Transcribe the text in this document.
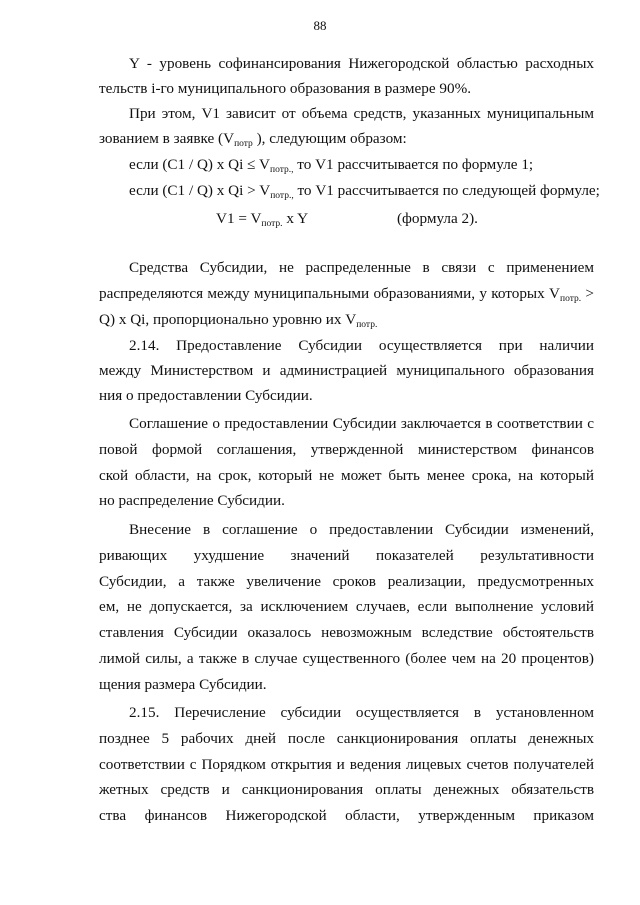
88
Y - уровень софинансирования Нижегородской областью расходных
тельств i-го муниципального образования в размере 90%.
При этом, V1 зависит от объема средств, указанных муниципальным
зованием в заявке ($V_{потр}$ ), следующим образом:
если (C1 / Q) x $Qi \le V_{потр.,}$ то V1 рассчитывается по формуле 1;
если (C1 / Q) x $Qi > V_{потр.,}$ то V1 рассчитывается по следующей формуле;
$V1 = V_{потр.}$ x Y	(формула 2).
Средства Субсидии, не распределенные в связи с применением
распределяются между муниципальными образованиями, у которых $V_{потр.}$ >
Q) x Qi, пропорционально уровню их $V_{потр.}$
2.14. Предоставление Субсидии осуществляется при наличии
между Министерством и администрацией муниципального образования
ния о предоставлении Субсидии.
Соглашение о предоставлении Субсидии заключается в соответствии с
повой формой соглашения, утвержденной министерством финансов
ской области, на срок, который не может быть менее срока, на который
но распределение Субсидии.
Внесение в соглашение о предоставлении Субсидии изменений,
ривающих ухудшение значений показателей результативности
Субсидии, а также увеличение сроков реализации, предусмотренных
ем, не допускается, за исключением случаев, если выполнение условий
ставления Субсидии оказалось невозможным вследствие обстоятельств
лимой силы, а также в случае существенного (более чем на 20 процентов)
щения размера Субсидии.
2.15. Перечисление субсидии осуществляется в установленном
позднее 5 рабочих дней после санкционирования оплаты денежных
соответствии с Порядком открытия и ведения лицевых счетов получателей
жетных средств и санкционирования оплаты денежных обязательств
ства финансов Нижегородской области, утвержденным приказом
